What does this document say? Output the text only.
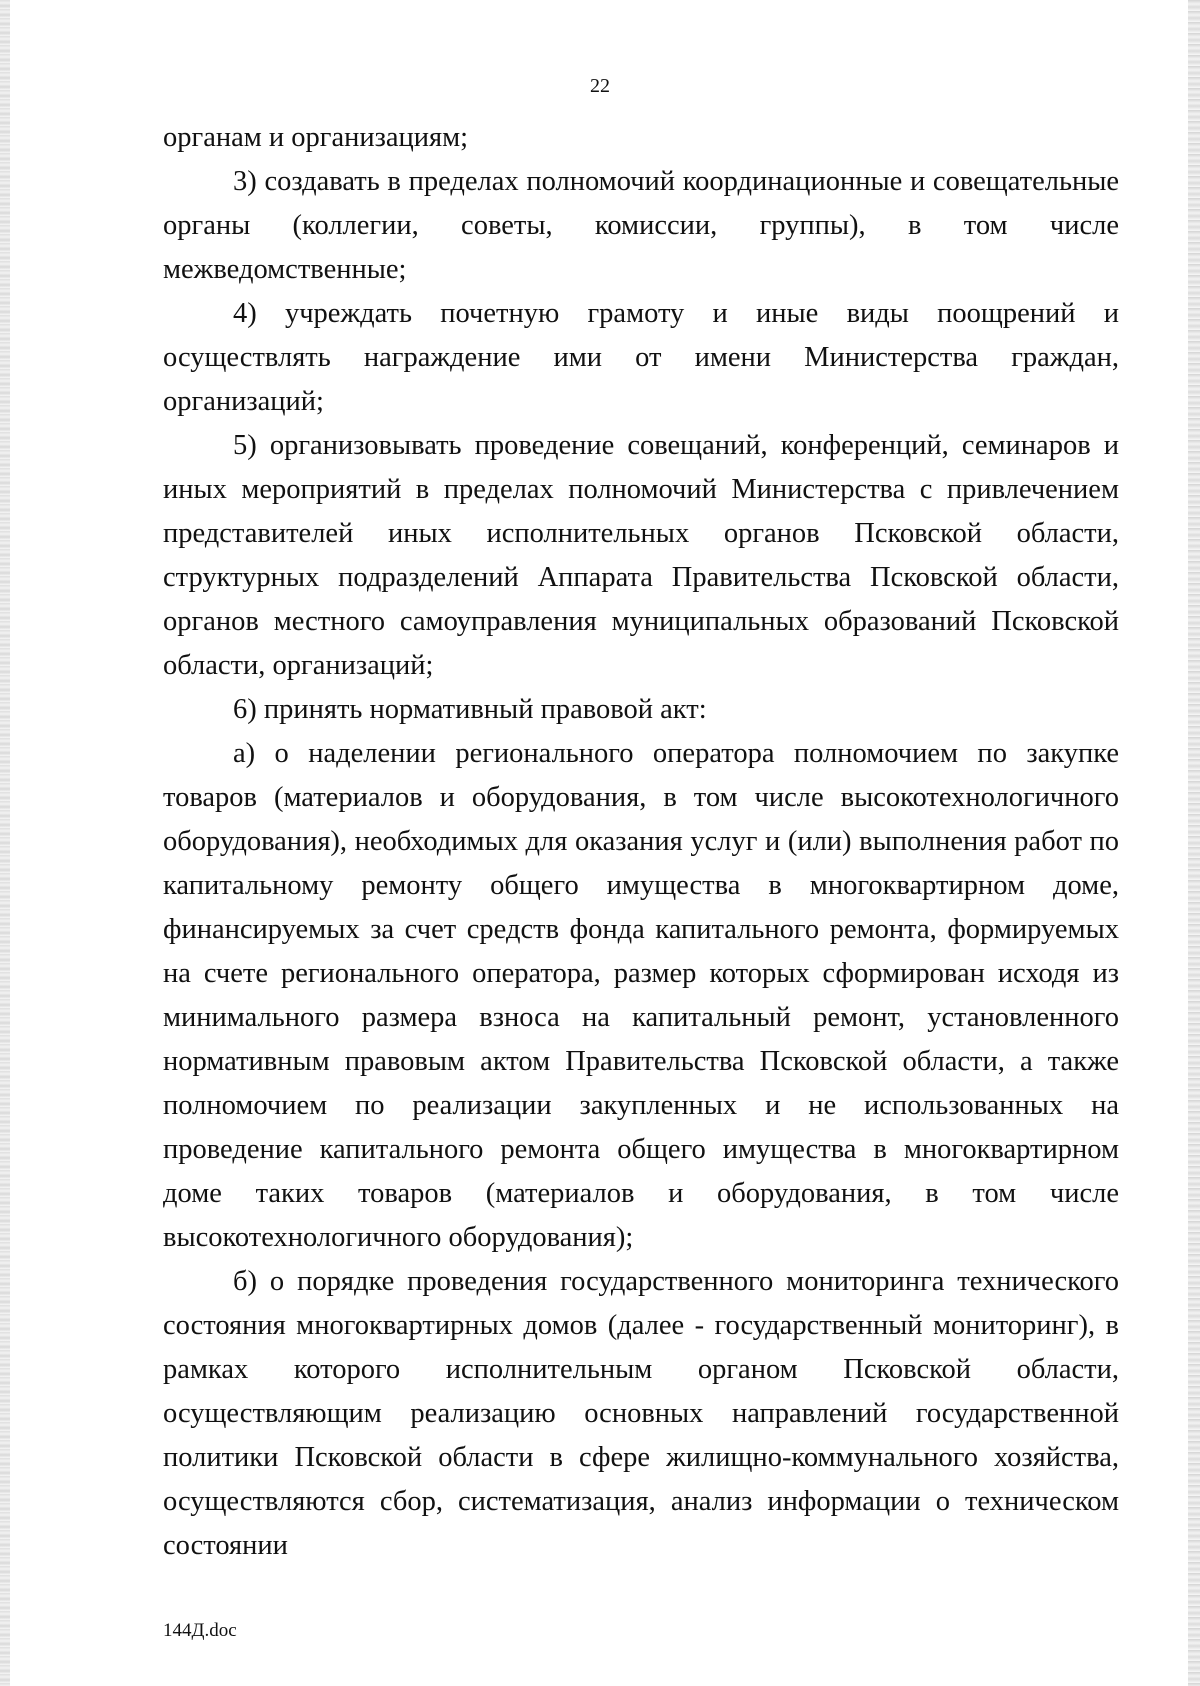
22

органам и организациям;

3) создавать в пределах полномочий координационные и совещательные органы (коллегии, советы, комиссии, группы), в том числе межведомственные;

4) учреждать почетную грамоту и иные виды поощрений и осуществлять награждение ими от имени Министерства граждан, организаций;

5) организовывать проведение совещаний, конференций, семинаров и иных мероприятий в пределах полномочий Министерства с привлечением представителей иных исполнительных органов Псковской области, структурных подразделений Аппарата Правительства Псковской области, органов местного самоуправления муниципальных образований Псковской области, организаций;

6) принять нормативный правовой акт:

а) о наделении регионального оператора полномочием по закупке товаров (материалов и оборудования, в том числе высокотехнологичного оборудования), необходимых для оказания услуг и (или) выполнения работ по капитальному ремонту общего имущества в многоквартирном доме, финансируемых за счет средств фонда капитального ремонта, формируемых на счете регионального оператора, размер которых сформирован исходя из минимального размера взноса на капитальный ремонт, установленного нормативным правовым актом Правительства Псковской области, а также полномочием по реализации закупленных и не использованных на проведение капитального ремонта общего имущества в многоквартирном доме таких товаров (материалов и оборудования, в том числе высокотехнологичного оборудования);

б) о порядке проведения государственного мониторинга технического состояния многоквартирных домов (далее - государственный мониторинг), в рамках которого исполнительным органом Псковской области, осуществляющим реализацию основных направлений государственной политики Псковской области в сфере жилищно-коммунального хозяйства, осуществляются сбор, систематизация, анализ информации о техническом состоянии

144Д.doc
